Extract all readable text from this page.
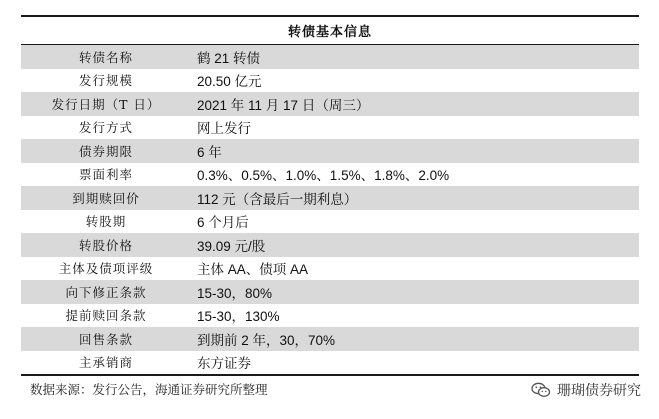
转债基本信息
转债名称	鹤 21 转债
发行规模	20.50 亿元
发行日期（T 日）	2021 年 11 月 17 日（周三）
发行方式	网上发行
债券期限	6 年
票面利率	0.3%、0.5%、1.0%、1.5%、1.8%、2.0%
到期赎回价	112 元（含最后一期利息）
转股期	6 个月后
转股价格	39.09 元/股
主体及债项评级	主体 AA、债项 AA
向下修正条款	15-30，80%
提前赎回条款	15-30，130%
回售条款	到期前 2 年，30，70%
主承销商	东方证券
数据来源：发行公告，海通证券研究所整理	珊瑚债券研究
